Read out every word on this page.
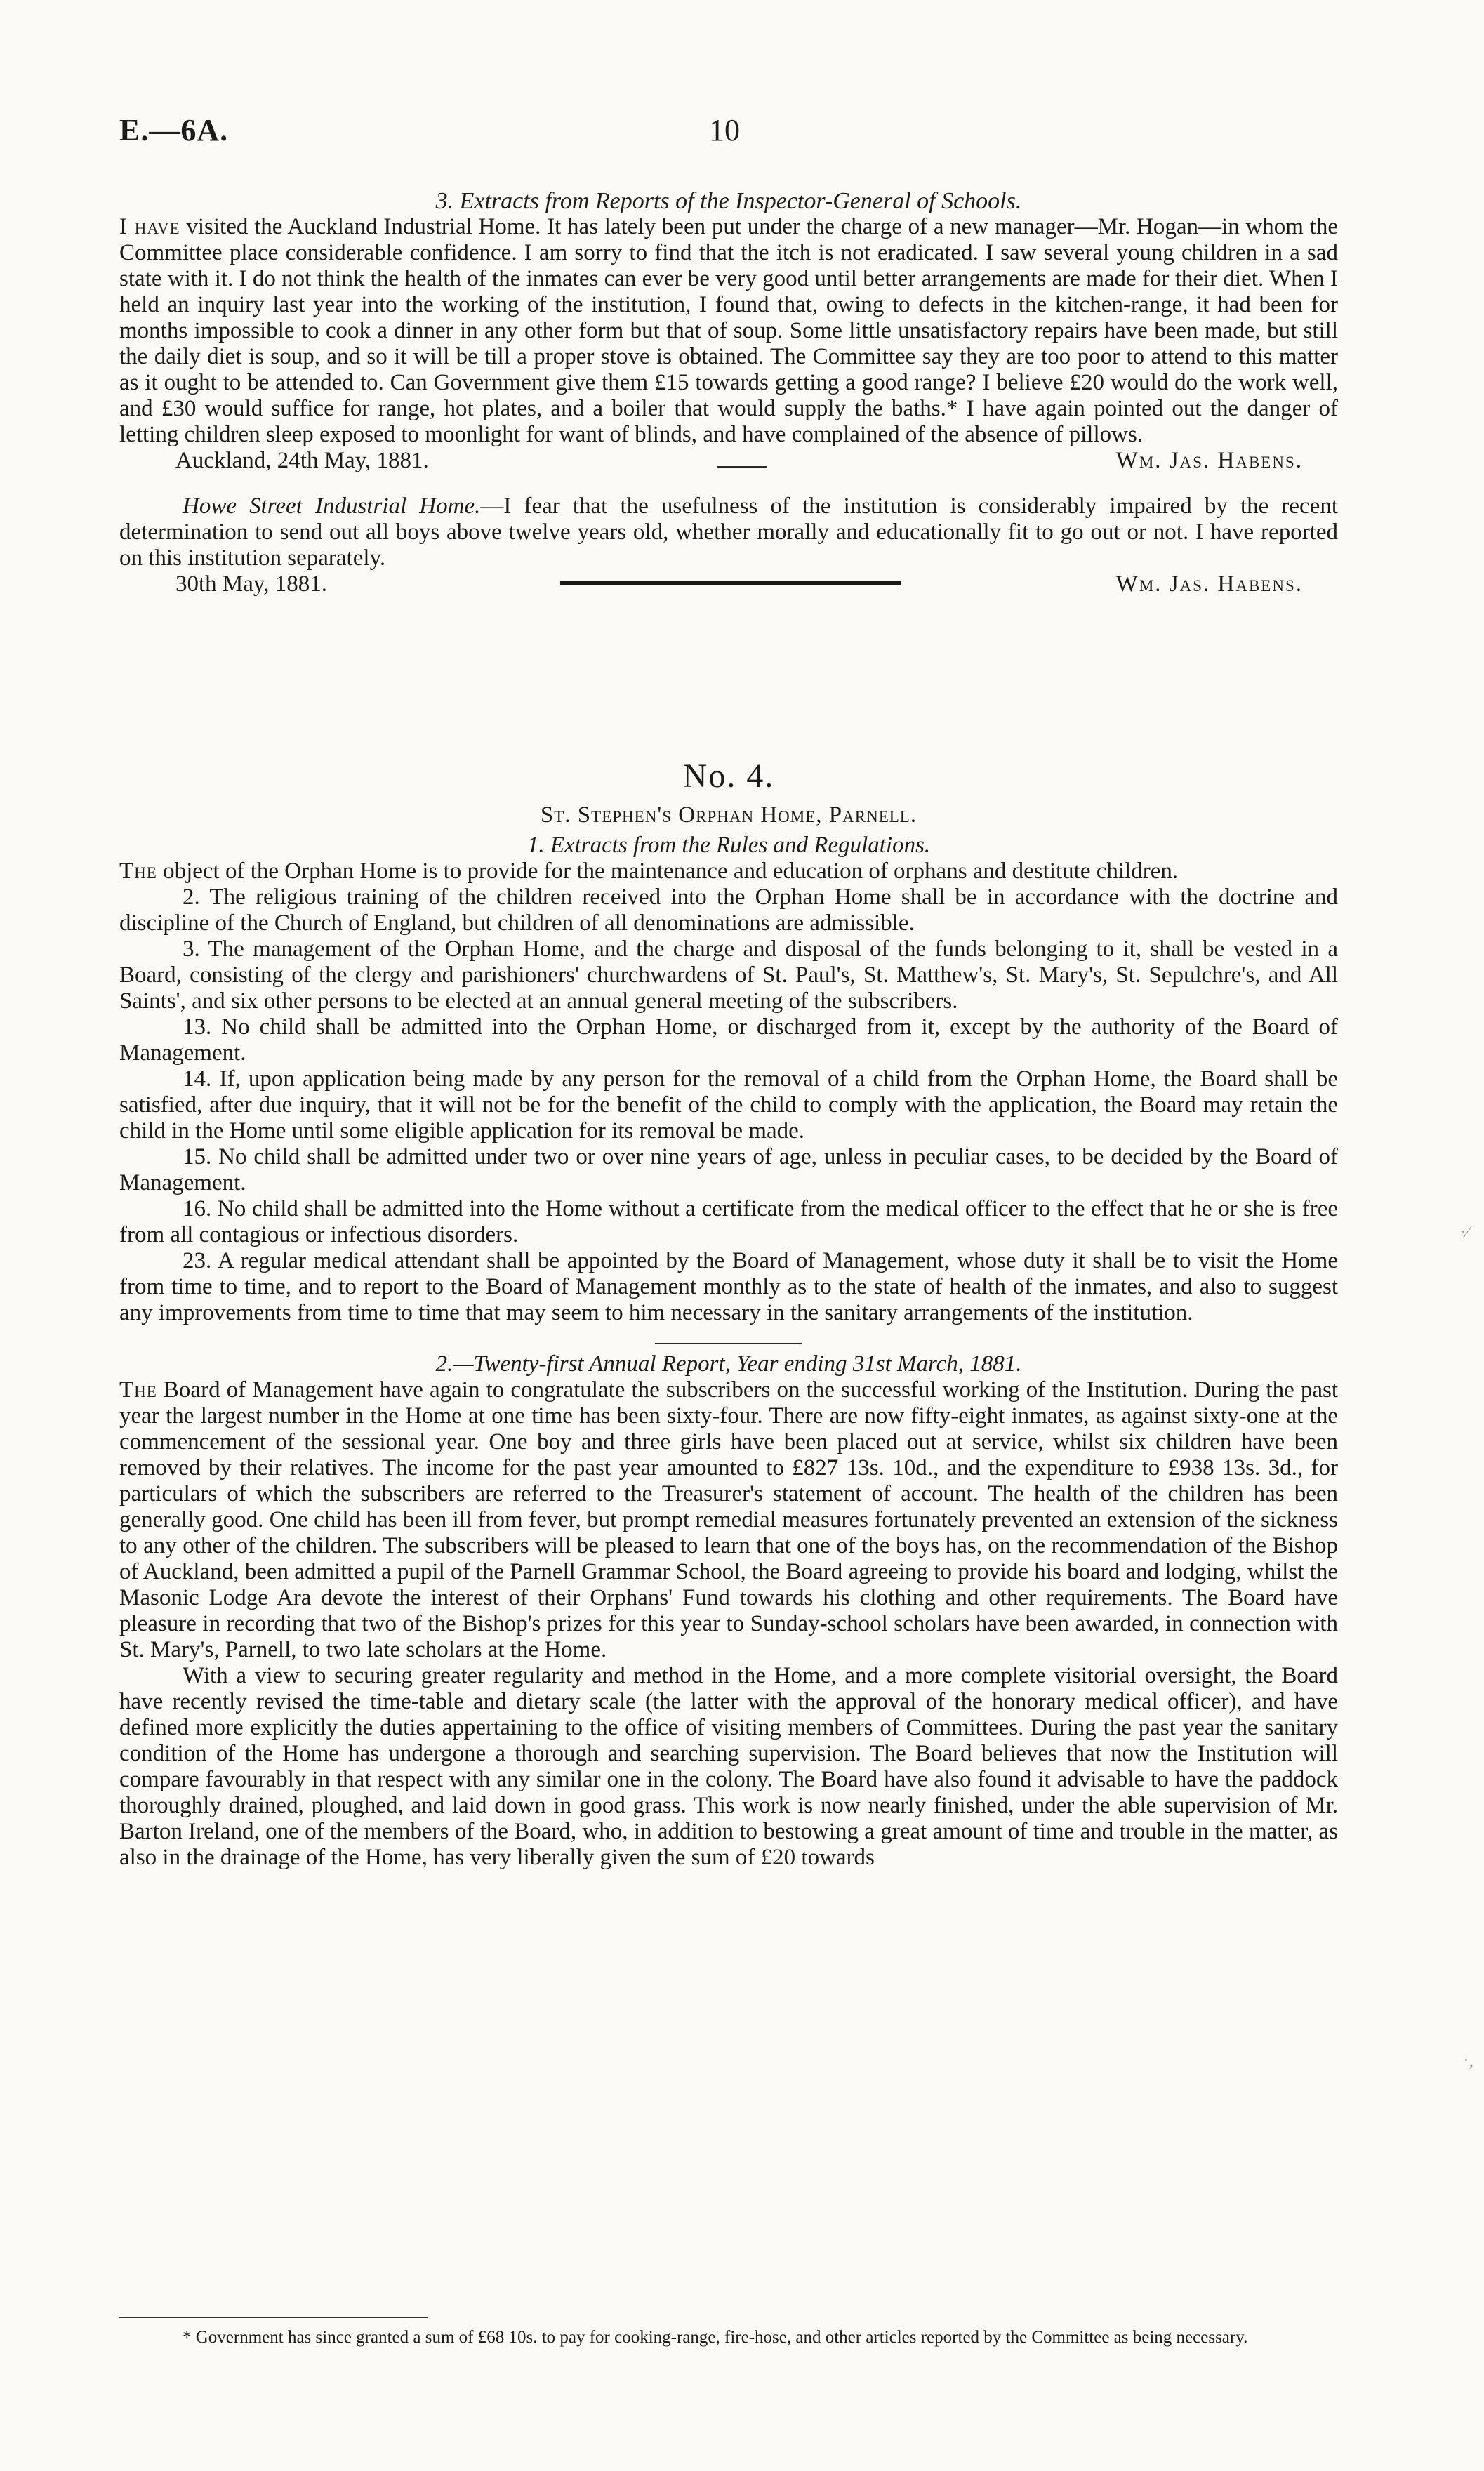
E.—6A.	10

3. Extracts from Reports of the Inspector-General of Schools.

I have visited the Auckland Industrial Home. It has lately been put under the charge of a new manager—Mr. Hogan—in whom the Committee place considerable confidence. I am sorry to find that the itch is not eradicated. I saw several young children in a sad state with it. I do not think the health of the inmates can ever be very good until better arrangements are made for their diet. When I held an inquiry last year into the working of the institution, I found that, owing to defects in the kitchen-range, it had been for months impossible to cook a dinner in any other form but that of soup. Some little unsatisfactory repairs have been made, but still the daily diet is soup, and so it will be till a proper stove is obtained. The Committee say they are too poor to attend to this matter as it ought to be attended to. Can Government give them £15 towards getting a good range? I believe £20 would do the work well, and £30 would suffice for range, hot plates, and a boiler that would supply the baths.* I have again pointed out the danger of letting children sleep exposed to moonlight for want of blinds, and have complained of the absence of pillows.

Auckland, 24th May, 1881.	Wm. Jas. Habens.

Howe Street Industrial Home.—I fear that the usefulness of the institution is considerably impaired by the recent determination to send out all boys above twelve years old, whether morally and educationally fit to go out or not. I have reported on this institution separately.

30th May, 1881.	Wm. Jas. Habens.

No. 4.

St. Stephen's Orphan Home, Parnell.

1. Extracts from the Rules and Regulations.

The object of the Orphan Home is to provide for the maintenance and education of orphans and destitute children.

2. The religious training of the children received into the Orphan Home shall be in accordance with the doctrine and discipline of the Church of England, but children of all denominations are admissible.

3. The management of the Orphan Home, and the charge and disposal of the funds belonging to it, shall be vested in a Board, consisting of the clergy and parishioners' churchwardens of St. Paul's, St. Matthew's, St. Mary's, St. Sepulchre's, and All Saints', and six other persons to be elected at an annual general meeting of the subscribers.

13. No child shall be admitted into the Orphan Home, or discharged from it, except by the authority of the Board of Management.

14. If, upon application being made by any person for the removal of a child from the Orphan Home, the Board shall be satisfied, after due inquiry, that it will not be for the benefit of the child to comply with the application, the Board may retain the child in the Home until some eligible application for its removal be made.

15. No child shall be admitted under two or over nine years of age, unless in peculiar cases, to be decided by the Board of Management.

16. No child shall be admitted into the Home without a certificate from the medical officer to the effect that he or she is free from all contagious or infectious disorders.

23. A regular medical attendant shall be appointed by the Board of Management, whose duty it shall be to visit the Home from time to time, and to report to the Board of Management monthly as to the state of health of the inmates, and also to suggest any improvements from time to time that may seem to him necessary in the sanitary arrangements of the institution.

2.—Twenty-first Annual Report, Year ending 31st March, 1881.

The Board of Management have again to congratulate the subscribers on the successful working of the Institution. During the past year the largest number in the Home at one time has been sixty-four. There are now fifty-eight inmates, as against sixty-one at the commencement of the sessional year. One boy and three girls have been placed out at service, whilst six children have been removed by their relatives. The income for the past year amounted to £827 13s. 10d., and the expenditure to £938 13s. 3d., for particulars of which the subscribers are referred to the Treasurer's statement of account. The health of the children has been generally good. One child has been ill from fever, but prompt remedial measures fortunately prevented an extension of the sickness to any other of the children. The subscribers will be pleased to learn that one of the boys has, on the recommendation of the Bishop of Auckland, been admitted a pupil of the Parnell Grammar School, the Board agreeing to provide his board and lodging, whilst the Masonic Lodge Ara devote the interest of their Orphans' Fund towards his clothing and other requirements. The Board have pleasure in recording that two of the Bishop's prizes for this year to Sunday-school scholars have been awarded, in connection with St. Mary's, Parnell, to two late scholars at the Home.

With a view to securing greater regularity and method in the Home, and a more complete visitorial oversight, the Board have recently revised the time-table and dietary scale (the latter with the approval of the honorary medical officer), and have defined more explicitly the duties appertaining to the office of visiting members of Committees. During the past year the sanitary condition of the Home has undergone a thorough and searching supervision. The Board believes that now the Institution will compare favourably in that respect with any similar one in the colony. The Board have also found it advisable to have the paddock thoroughly drained, ploughed, and laid down in good grass. This work is now nearly finished, under the able supervision of Mr. Barton Ireland, one of the members of the Board, who, in addition to bestowing a great amount of time and trouble in the matter, as also in the drainage of the Home, has very liberally given the sum of £20 towards

* Government has since granted a sum of £68 10s. to pay for cooking-range, fire-hose, and other articles reported by the Committee as being necessary.

·∕
·,
